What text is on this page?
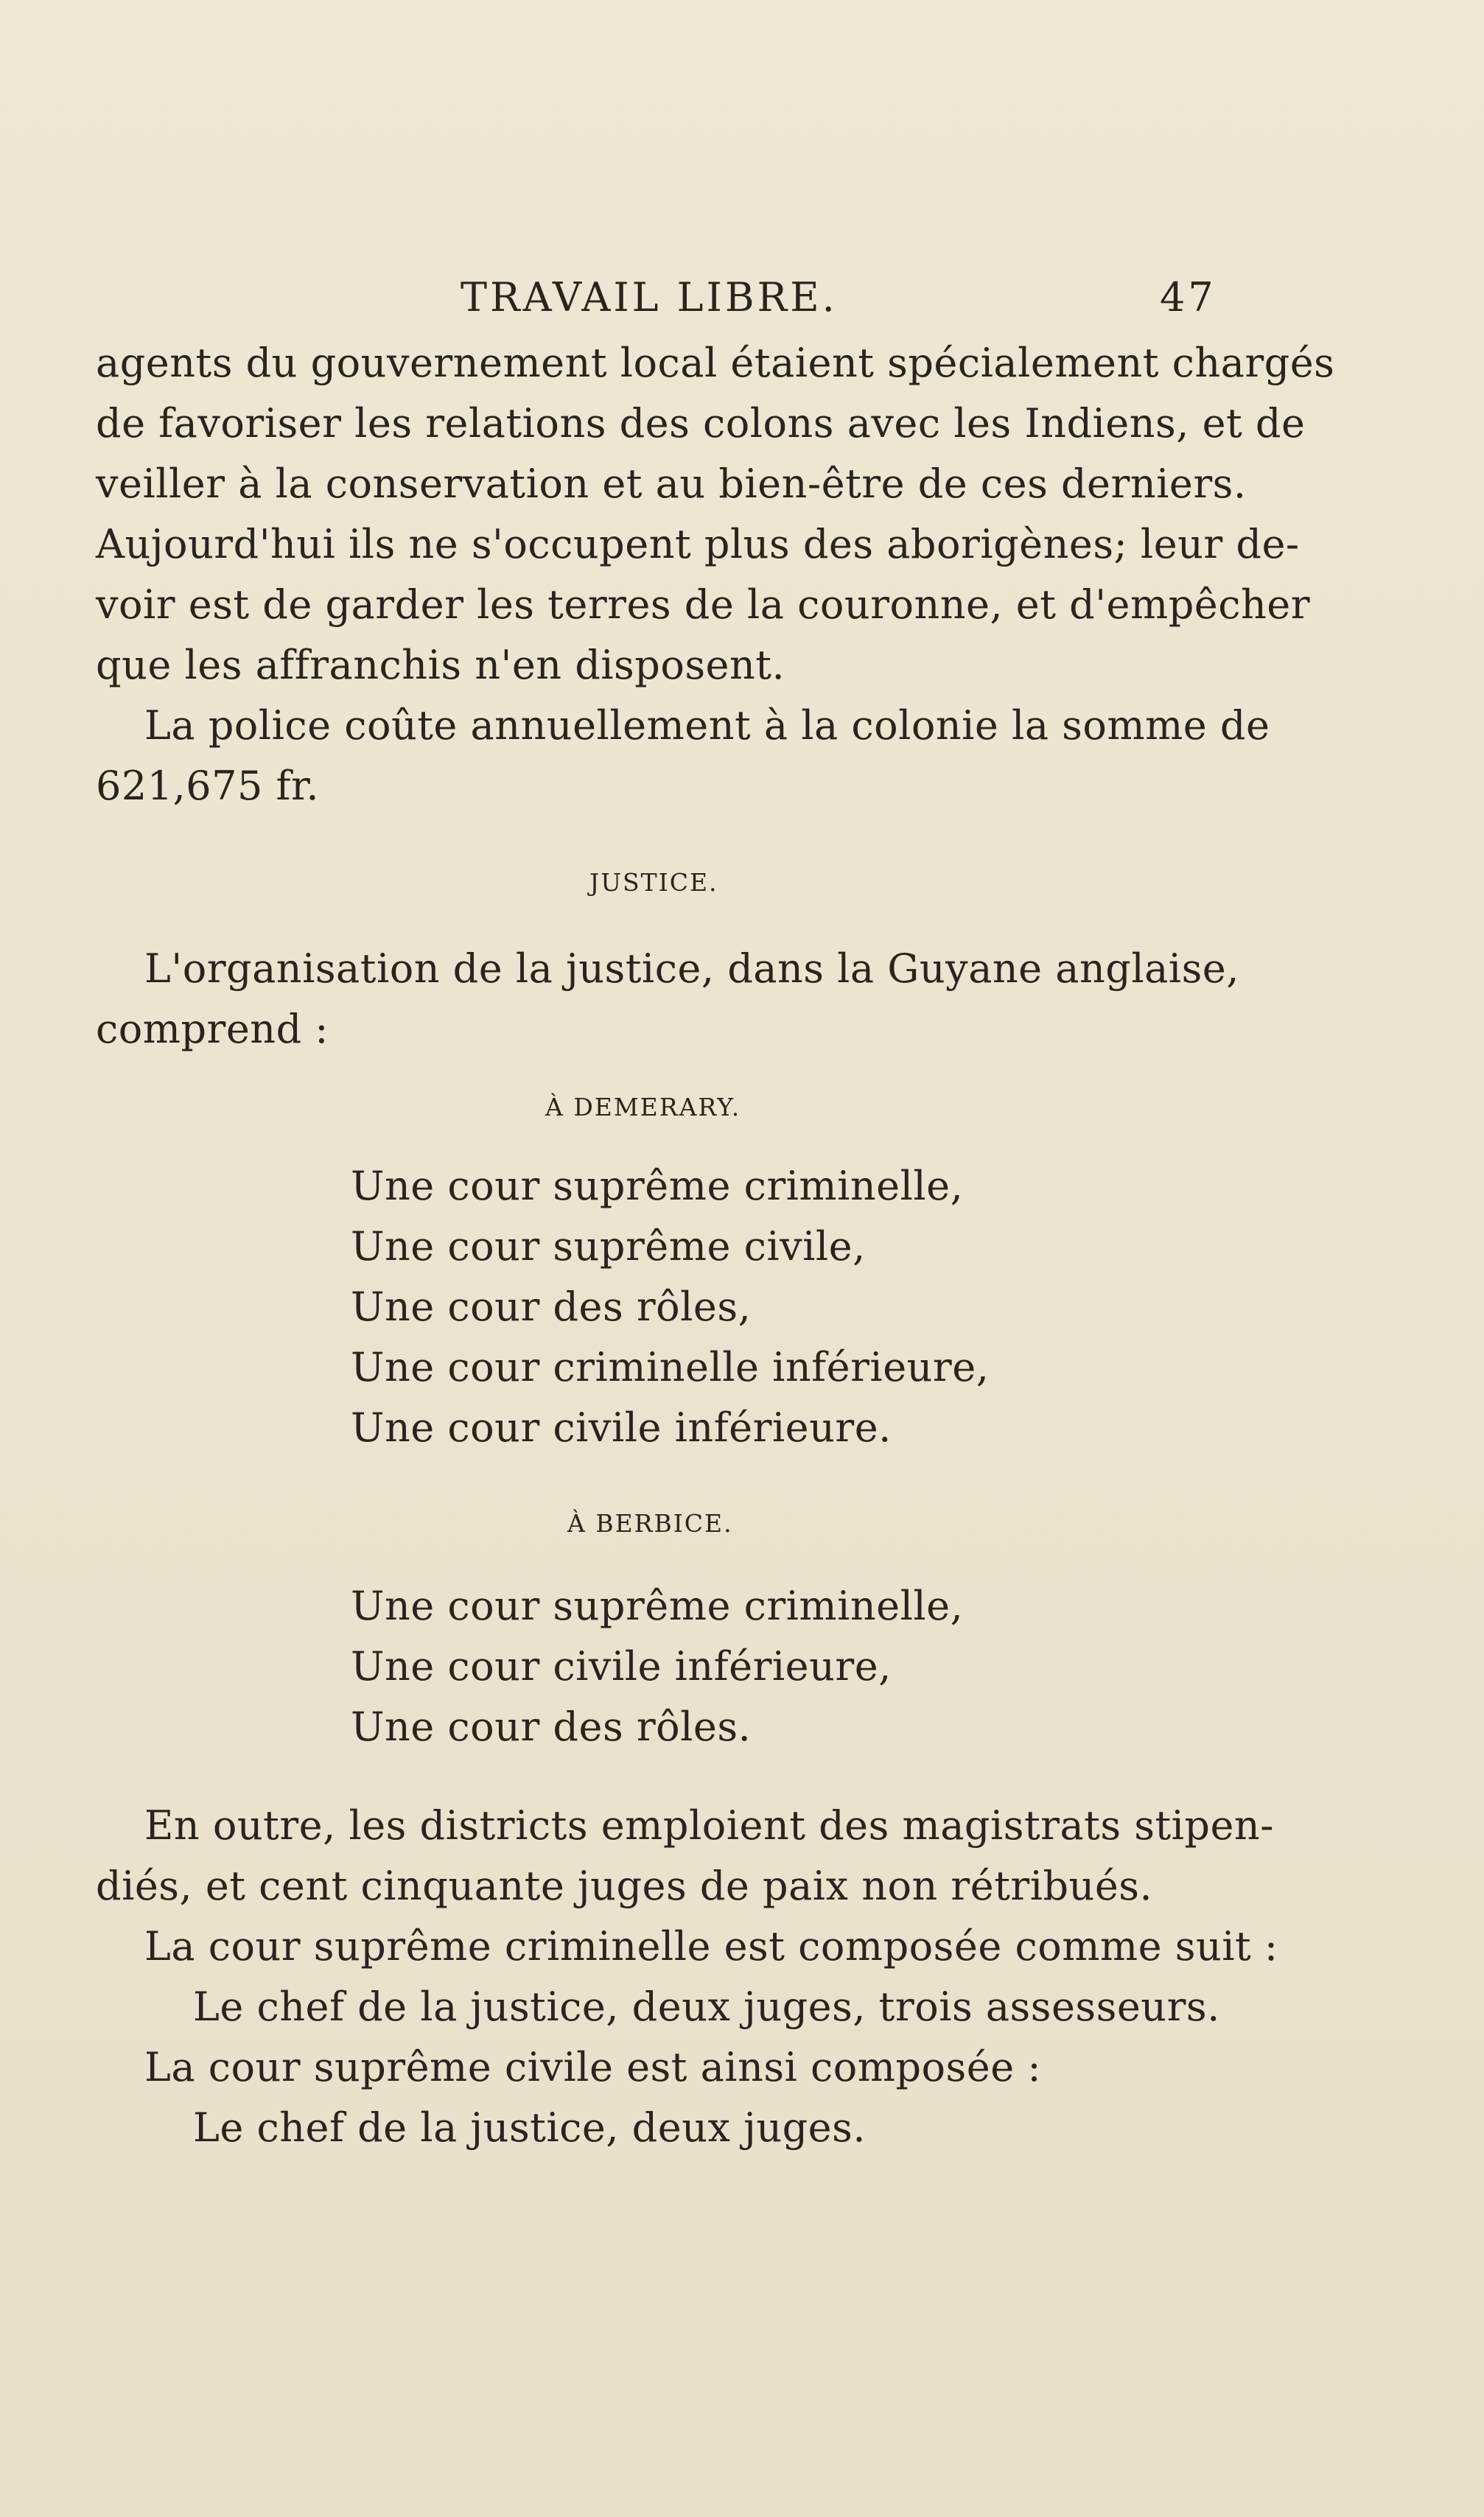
TRAVAIL LIBRE.	47
agents du gouvernement local étaient spécialement chargés
de favoriser les relations des colons avec les Indiens, et de
veiller à la conservation et au bien-être de ces derniers.
Aujourd'hui ils ne s'occupent plus des aborigènes; leur de-
voir est de garder les terres de la couronne, et d'empêcher
que les affranchis n'en disposent.
La police coûte annuellement à la colonie la somme de
621,675 fr.
JUSTICE.
L'organisation de la justice, dans la Guyane anglaise,
comprend :
À DEMERARY.
Une cour suprême criminelle,
Une cour suprême civile,
Une cour des rôles,
Une cour criminelle inférieure,
Une cour civile inférieure.
À BERBICE.
Une cour suprême criminelle,
Une cour civile inférieure,
Une cour des rôles.
En outre, les districts emploient des magistrats stipen-
diés, et cent cinquante juges de paix non rétribués.
La cour suprême criminelle est composée comme suit :
Le chef de la justice, deux juges, trois assesseurs.
La cour suprême civile est ainsi composée :
Le chef de la justice, deux juges.
